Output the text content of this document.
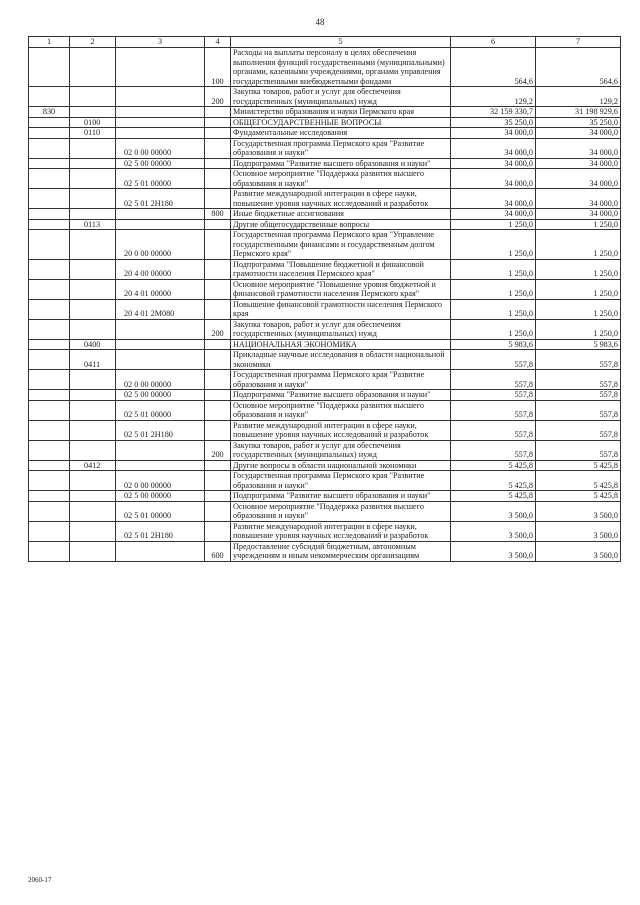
48
1	2	3	4	5	6	7
			100	Расходы на выплаты персоналу в целях обеспечения выполнения функций государственными (муниципальными) органами, казенными учреждениями, органами управления государственными внебюджетными фондами	564,6	564,6
			200	Закупка товаров, работ и услуг для обеспечения государственных (муниципальных) нужд	129,2	129,2
830				Министерство образования и науки Пермского края	32 159 330,7	31 198 929,6
	0100			ОБЩЕГОСУДАРСТВЕННЫЕ ВОПРОСЫ	35 250,0	35 250,0
	0110			Фундаментальные исследования	34 000,0	34 000,0
		02 0 00 00000		Государственная программа Пермского края "Развитие образования и науки"	34 000,0	34 000,0
		02 5 00 00000		Подпрограмма "Развитие высшего образования и науки"	34 000,0	34 000,0
		02 5 01 00000		Основное мероприятие "Поддержка развития высшего образования и науки"	34 000,0	34 000,0
		02 5 01 2Н180		Развитие международной интеграции в сфере науки, повышение уровня научных исследований и разработок	34 000,0	34 000,0
			800	Иные бюджетные ассигнования	34 000,0	34 000,0
	0113			Другие общегосударственные вопросы	1 250,0	1 250,0
		20 0 00 00000		Государственная программа Пермского края "Управление государственными финансами и государственным долгом Пермского края"	1 250,0	1 250,0
		20 4 00 00000		Подпрограмма "Повышение бюджетной и финансовой грамотности населения Пермского края"	1 250,0	1 250,0
		20 4 01 00000		Основное мероприятие "Повышение уровня бюджетной и финансовой грамотности населения Пермского края"	1 250,0	1 250,0
		20 4 01 2М080		Повышение финансовой грамотности населения Пермского края	1 250,0	1 250,0
			200	Закупка товаров, работ и услуг для обеспечения государственных (муниципальных) нужд	1 250,0	1 250,0
	0400			НАЦИОНАЛЬНАЯ ЭКОНОМИКА	5 983,6	5 983,6
	0411			Прикладные научные исследования в области национальной экономики	557,8	557,8
		02 0 00 00000		Государственная программа Пермского края "Развитие образования и науки"	557,8	557,8
		02 5 00 00000		Подпрограмма "Развитие высшего образования и науки"	557,8	557,8
		02 5 01 00000		Основное мероприятие "Поддержка развития высшего образования и науки"	557,8	557,8
		02 5 01 2Н180		Развитие международной интеграции в сфере науки, повышение уровня научных исследований и разработок	557,8	557,8
			200	Закупка товаров, работ и услуг для обеспечения государственных (муниципальных) нужд	557,8	557,8
	0412			Другие вопросы в области национальной экономики	5 425,8	5 425,8
		02 0 00 00000		Государственная программа Пермского края "Развитие образования и науки"	5 425,8	5 425,8
		02 5 00 00000		Подпрограмма "Развитие высшего образования и науки"	5 425,8	5 425,8
		02 5 01 00000		Основное мероприятие "Поддержка развития высшего образования и науки"	3 500,0	3 500,0
		02 5 01 2Н180		Развитие международной интеграции в сфере науки, повышение уровня научных исследований и разработок	3 500,0	3 500,0
			600	Предоставление субсидий бюджетным, автономным учреждениям и иным некоммерческим организациям	3 500,0	3 500,0
2060-17
